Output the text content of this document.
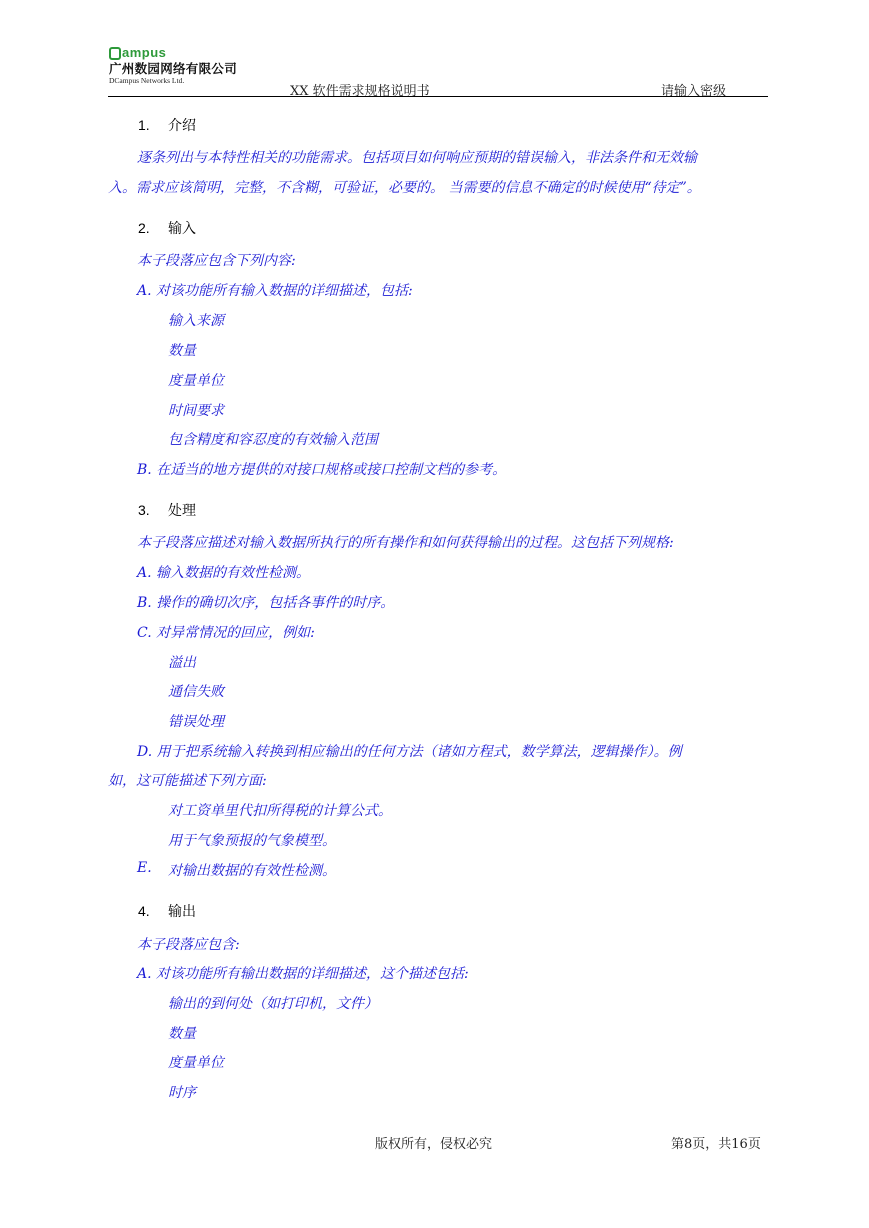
ampus
广州数园网络有限公司
DCampus Networks Ltd.
XX 软件需求规格说明书	请输入密级
1. 介绍
逐条列出与本特性相关的功能需求。包括项目如何响应预期的错误输入，非法条件和无效输
入。需求应该简明，完整，不含糊，可验证，必要的。 当需要的信息不确定的时候使用“待定”。
2. 输入
本子段落应包含下列内容:
A. 对该功能所有输入数据的详细描述，包括:
输入来源
数量
度量单位
时间要求
包含精度和容忍度的有效输入范围
B. 在适当的地方提供的对接口规格或接口控制文档的参考。
3. 处理
本子段落应描述对输入数据所执行的所有操作和如何获得输出的过程。这包括下列规格:
A. 输入数据的有效性检测。
B. 操作的确切次序，包括各事件的时序。
C. 对异常情况的回应，例如:
溢出
通信失败
错误处理
D. 用于把系统输入转换到相应输出的任何方法（诸如方程式，数学算法，逻辑操作）。例
如，这可能描述下列方面:
对工资单里代扣所得税的计算公式。
用于气象预报的气象模型。
E. 对输出数据的有效性检测。
4. 输出
本子段落应包含:
A. 对该功能所有输出数据的详细描述，这个描述包括:
输出的到何处（如打印机，文件）
数量
度量单位
时序
版权所有，侵权必究	第8页，共16页
